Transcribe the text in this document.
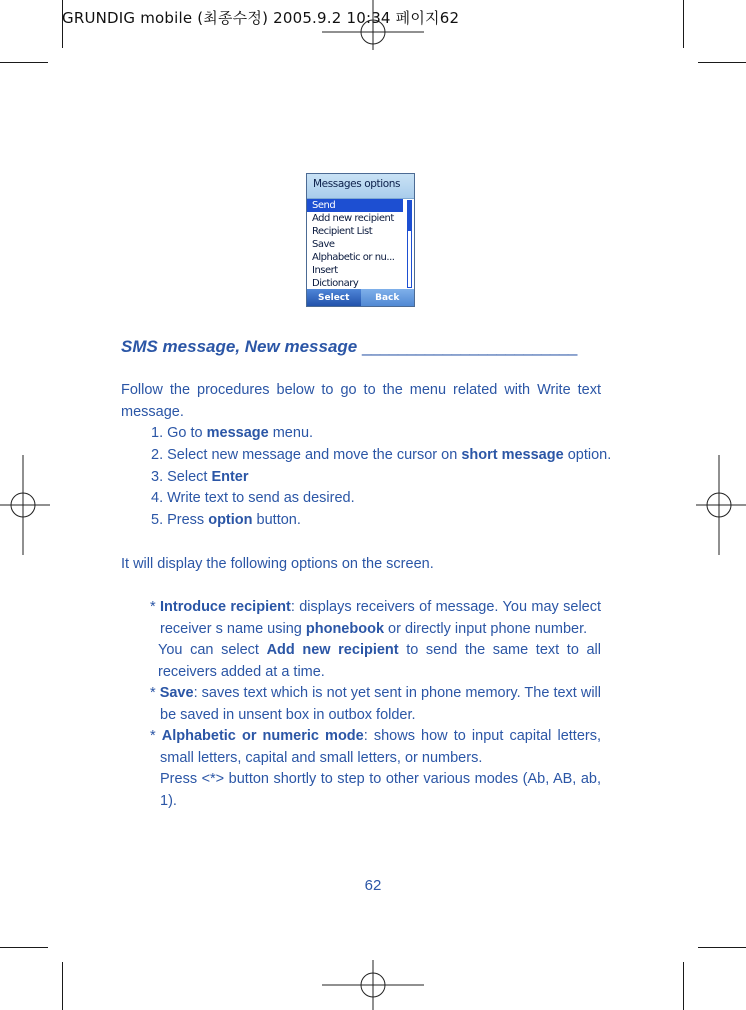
GRUNDIG mobile (최종수정) 2005.9.2 10:34 페이지62
Messages options
Send
Add new recipient
Recipient List
Save
Alphabetic or nu...
Insert
Dictionary
Select	Back
SMS message, New message ________________________
Follow the procedures below to go to the menu related with Write text message.
1. Go to message menu.
2. Select new message and move the cursor on short message option.
3. Select Enter
4. Write text to send as desired.
5. Press option button.
It will display the following options on the screen.
* Introduce recipient: displays receivers of message. You may select
receiver s name using phonebook or directly input phone number.
You can select Add new recipient to send the same text to all
receivers added at a time.
* Save: saves text which is not yet sent in phone memory. The text will
be saved in unsent box in outbox folder.
* Alphabetic or numeric mode: shows how to input capital letters,
small letters, capital and small letters, or numbers.
Press <*> button shortly to step to other various modes (Ab, AB, ab,
1).
62
